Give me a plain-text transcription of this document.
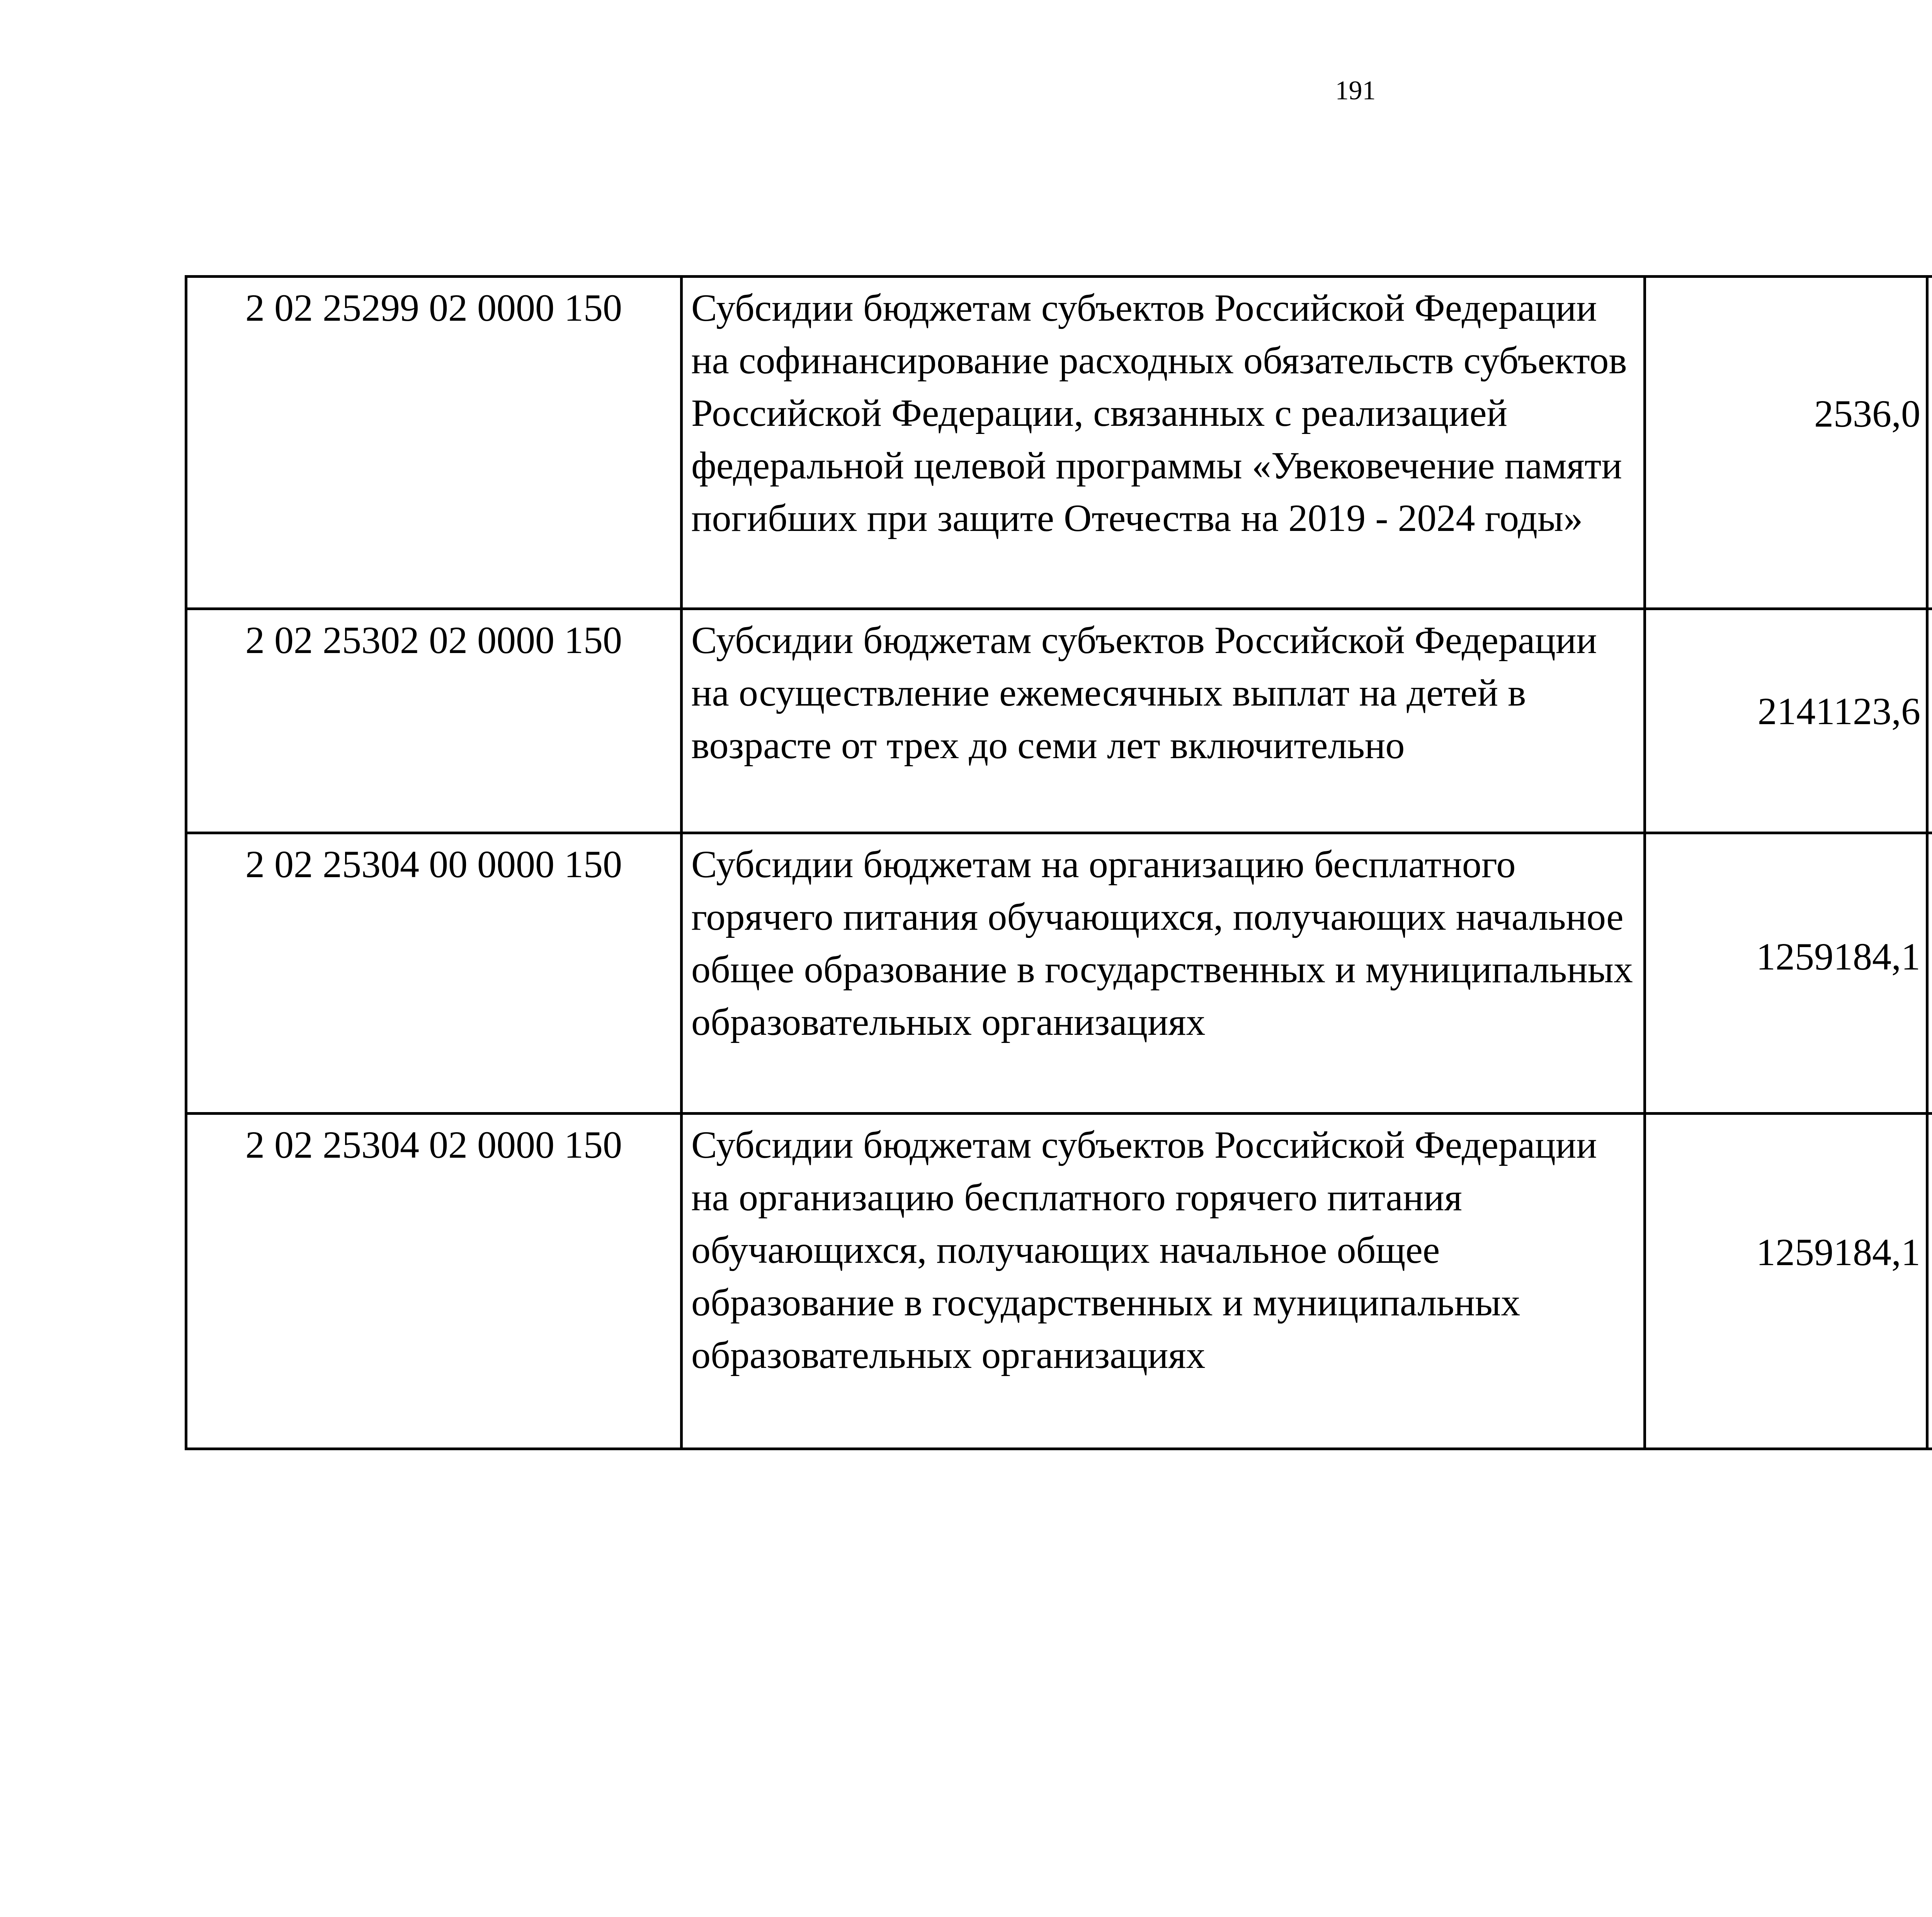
191
2 02 25299 02 0000 150	Субсидии бюджетам субъектов Российской Федерации на софинансирование расходных обязательств субъектов Российской Федерации, связанных с реализацией федеральной целевой программы «Увековечение памяти погибших при защите Отечества на 2019 - 2024 годы»	2536,0		
2 02 25302 02 0000 150	Субсидии бюджетам субъектов Российской Федерации на осуществление ежемесячных выплат на детей в возрасте от трех до семи лет включительно	2141123,6		
2 02 25304 00 0000 150	Субсидии бюджетам на организацию бесплатного горячего питания обучающихся, получающих начальное общее образование в государственных и муниципальных образовательных организациях	1259184,1		
2 02 25304 02 0000 150	Субсидии бюджетам субъектов Российской Федерации на организацию бесплатного горячего питания обучающихся, получающих начальное общее образование в государственных и муниципальных образовательных организациях	1259184,1		
